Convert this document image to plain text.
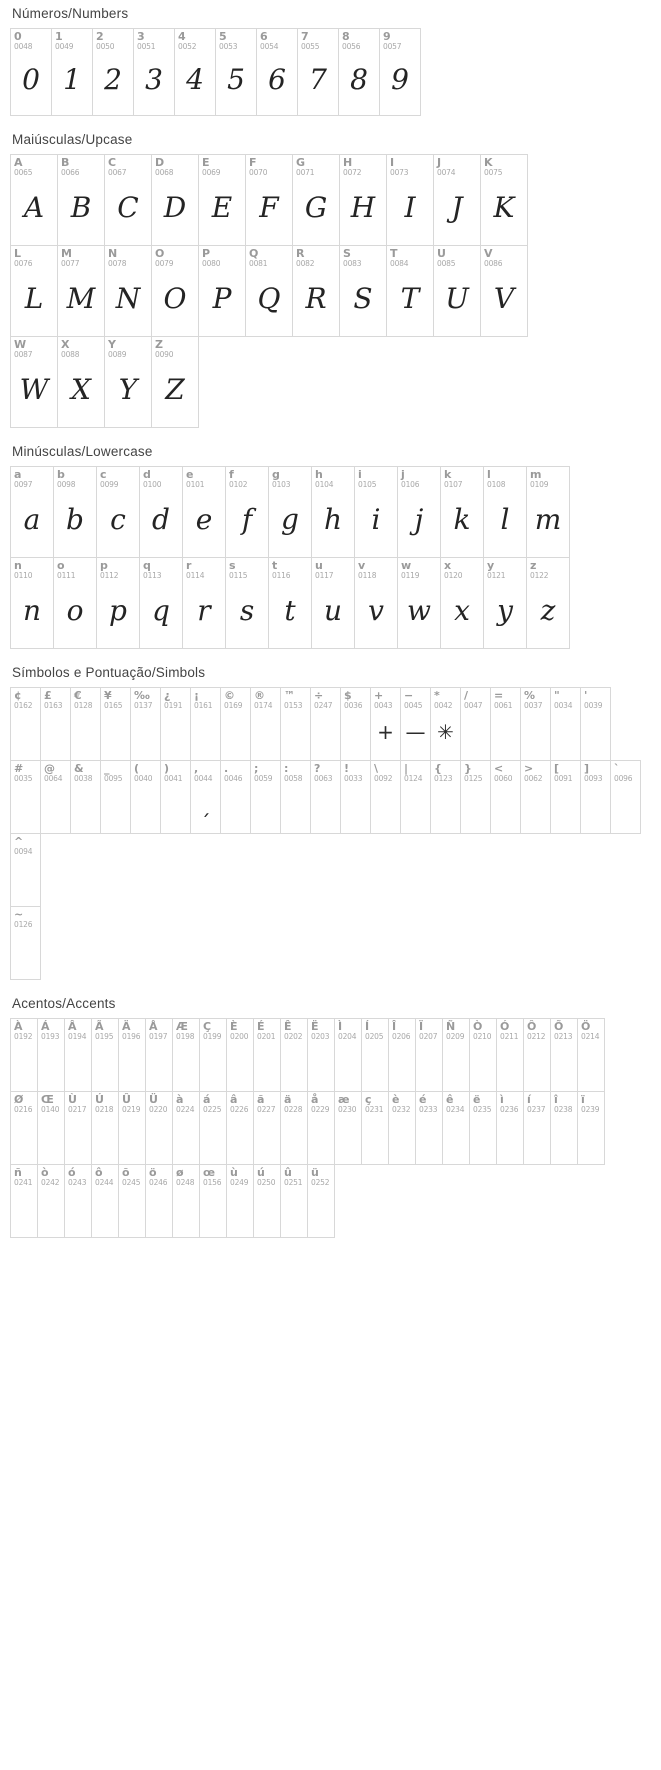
Números/Numbers
0
0048
0
1
0049
1
2
0050
2
3
0051
3
4
0052
4
5
0053
5
6
0054
6
7
0055
7
8
0056
8
9
0057
9
Maiúsculas/Upcase
A
0065
A
B
0066
B
C
0067
C
D
0068
D
E
0069
E
F
0070
F
G
0071
G
H
0072
H
I
0073
I
J
0074
J
K
0075
K
L
0076
L
M
0077
M
N
0078
N
O
0079
O
P
0080
P
Q
0081
Q
R
0082
R
S
0083
S
T
0084
T
U
0085
U
V
0086
V
W
0087
W
X
0088
X
Y
0089
Y
Z
0090
Z
Minúsculas/Lowercase
a
0097
a
b
0098
b
c
0099
c
d
0100
d
e
0101
e
f
0102
f
g
0103
g
h
0104
h
i
0105
i
j
0106
j
k
0107
k
l
0108
l
m
0109
m
n
0110
n
o
0111
o
p
0112
p
q
0113
q
r
0114
r
s
0115
s
t
0116
t
u
0117
u
v
0118
v
w
0119
w
x
0120
x
y
0121
y
z
0122
z
Símbolos e Pontuação/Simbols
¢
0162
£
0163
€
0128
¥
0165
‰
0137
¿
0191
¡
0161
©
0169
®
0174
™
0153
÷
0247
$
0036
+
0043
+
−
0045
—
*
0042
✳
/
0047
=
0061
%
0037
"
0034
'
0039
#
0035
@
0064
&
0038
_
0095
(
0040
)
0041
,
0044
ˏ
.
0046
;
0059
:
0058
?
0063
!
0033
\
0092
|
0124
{
0123
}
0125
<
0060
>
0062
[
0091
]
0093
`
0096
^
0094
~
0126
Acentos/Accents
À
0192
Á
0193
Â
0194
Ã
0195
Ä
0196
Å
0197
Æ
0198
Ç
0199
È
0200
É
0201
Ê
0202
Ë
0203
Ì
0204
Í
0205
Î
0206
Ï
0207
Ñ
0209
Ò
0210
Ó
0211
Ô
0212
Õ
0213
Ö
0214
Ø
0216
Œ
0140
Ù
0217
Ú
0218
Û
0219
Ü
0220
à
0224
á
0225
â
0226
ã
0227
ä
0228
å
0229
æ
0230
ç
0231
è
0232
é
0233
ê
0234
ë
0235
ì
0236
í
0237
î
0238
ï
0239
ñ
0241
ò
0242
ó
0243
ô
0244
õ
0245
ö
0246
ø
0248
œ
0156
ù
0249
ú
0250
û
0251
ü
0252
